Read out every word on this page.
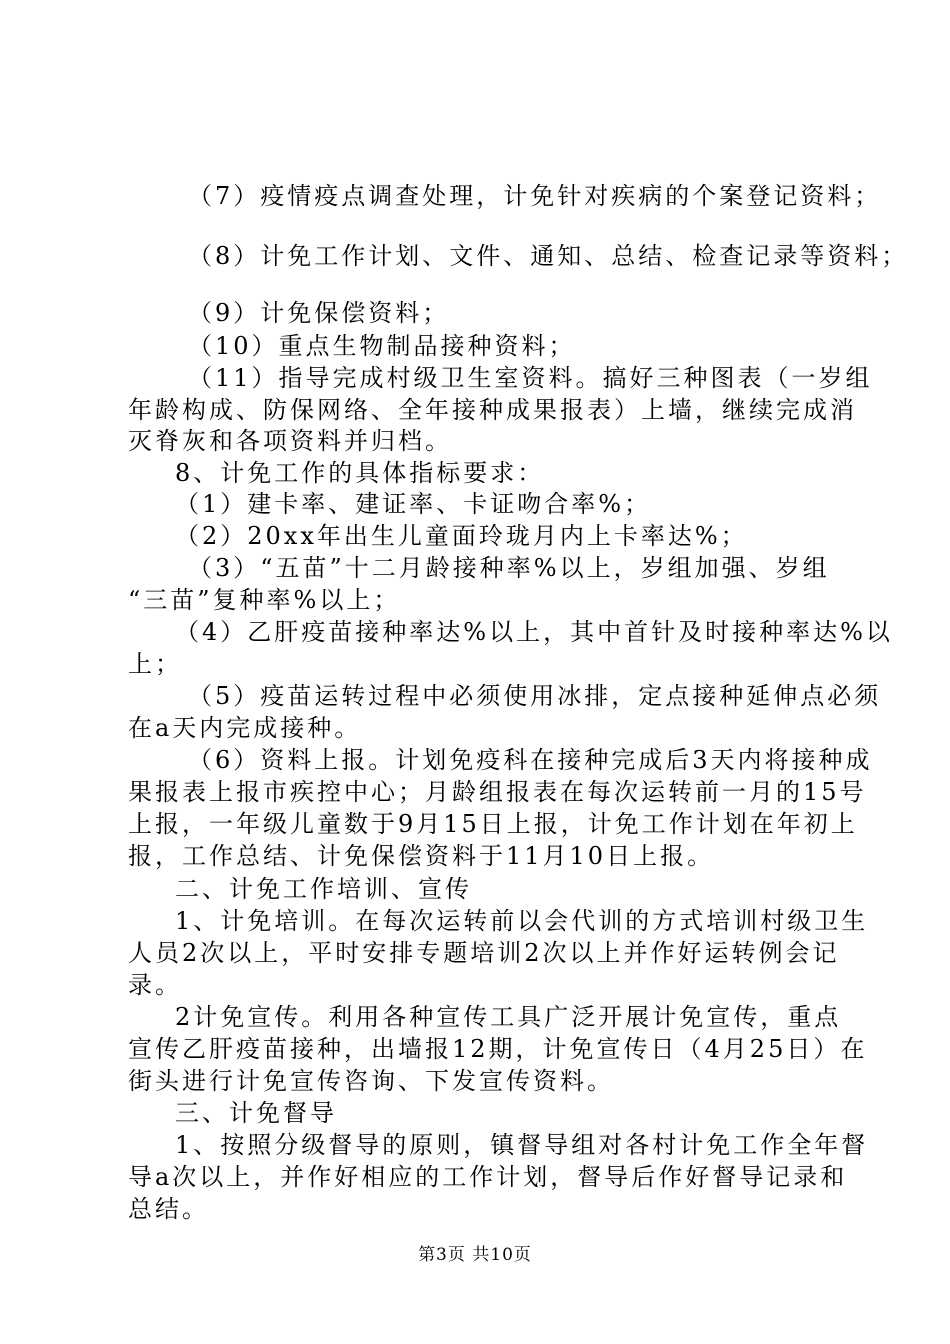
（7）疫情疫点调查处理，计免针对疾病的个案登记资料；
（8）计免工作计划、文件、通知、总结、检查记录等资料；
（9）计免保偿资料；
（10）重点生物制品接种资料；
（11）指导完成村级卫生室资料。搞好三种图表（一岁组
年龄构成、防保网络、全年接种成果报表）上墙，继续完成消
灭脊灰和各项资料并归档。
8、计免工作的具体指标要求：
（1）建卡率、建证率、卡证吻合率%；
（2）20xx年出生儿童面玲珑月内上卡率达%；
（3）“五苗”十二月龄接种率%以上，岁组加强、岁组
“三苗”复种率%以上；
（4）乙肝疫苗接种率达%以上，其中首针及时接种率达%以
上；
（5）疫苗运转过程中必须使用冰排，定点接种延伸点必须
在a天内完成接种。
（6）资料上报。计划免疫科在接种完成后3天内将接种成
果报表上报市疾控中心；月龄组报表在每次运转前一月的15号
上报，一年级儿童数于9月15日上报，计免工作计划在年初上
报，工作总结、计免保偿资料于11月10日上报。
二、计免工作培训、宣传
1、计免培训。在每次运转前以会代训的方式培训村级卫生
人员2次以上，平时安排专题培训2次以上并作好运转例会记
录。
2计免宣传。利用各种宣传工具广泛开展计免宣传，重点
宣传乙肝疫苗接种，出墙报12期，计免宣传日（4月25日）在
街头进行计免宣传咨询、下发宣传资料。
三、计免督导
1、按照分级督导的原则，镇督导组对各村计免工作全年督
导a次以上，并作好相应的工作计划，督导后作好督导记录和
总结。
第3页 共10页
